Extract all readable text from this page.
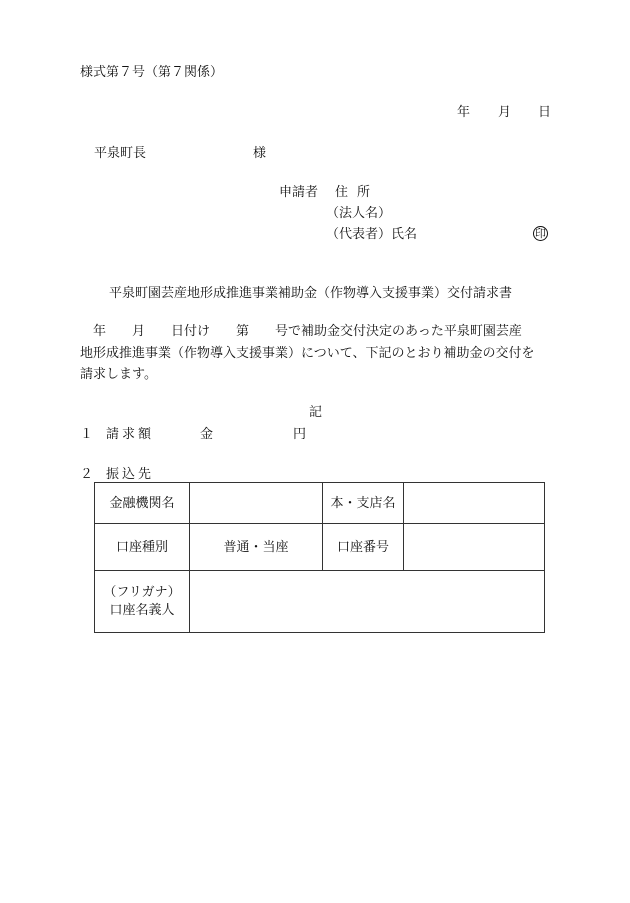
様式第７号（第７関係）
年 月 日
平泉町長	様
申請者 住所
（法人名）
（代表者）氏名	印
平泉町園芸産地形成推進事業補助金（作物導入支援事業）交付請求書
　年　　月　　日付け　　第　　号で補助金交付決定のあった平泉町園芸産
地形成推進事業（作物導入支援事業）について、下記のとおり補助金の交付を
請求します。
記
１ 請求額	金	円
２ 振込先
金融機関名		本・支店名	
口座種別	普通・当座	口座番号	

（フリガナ）
口座名義人			
